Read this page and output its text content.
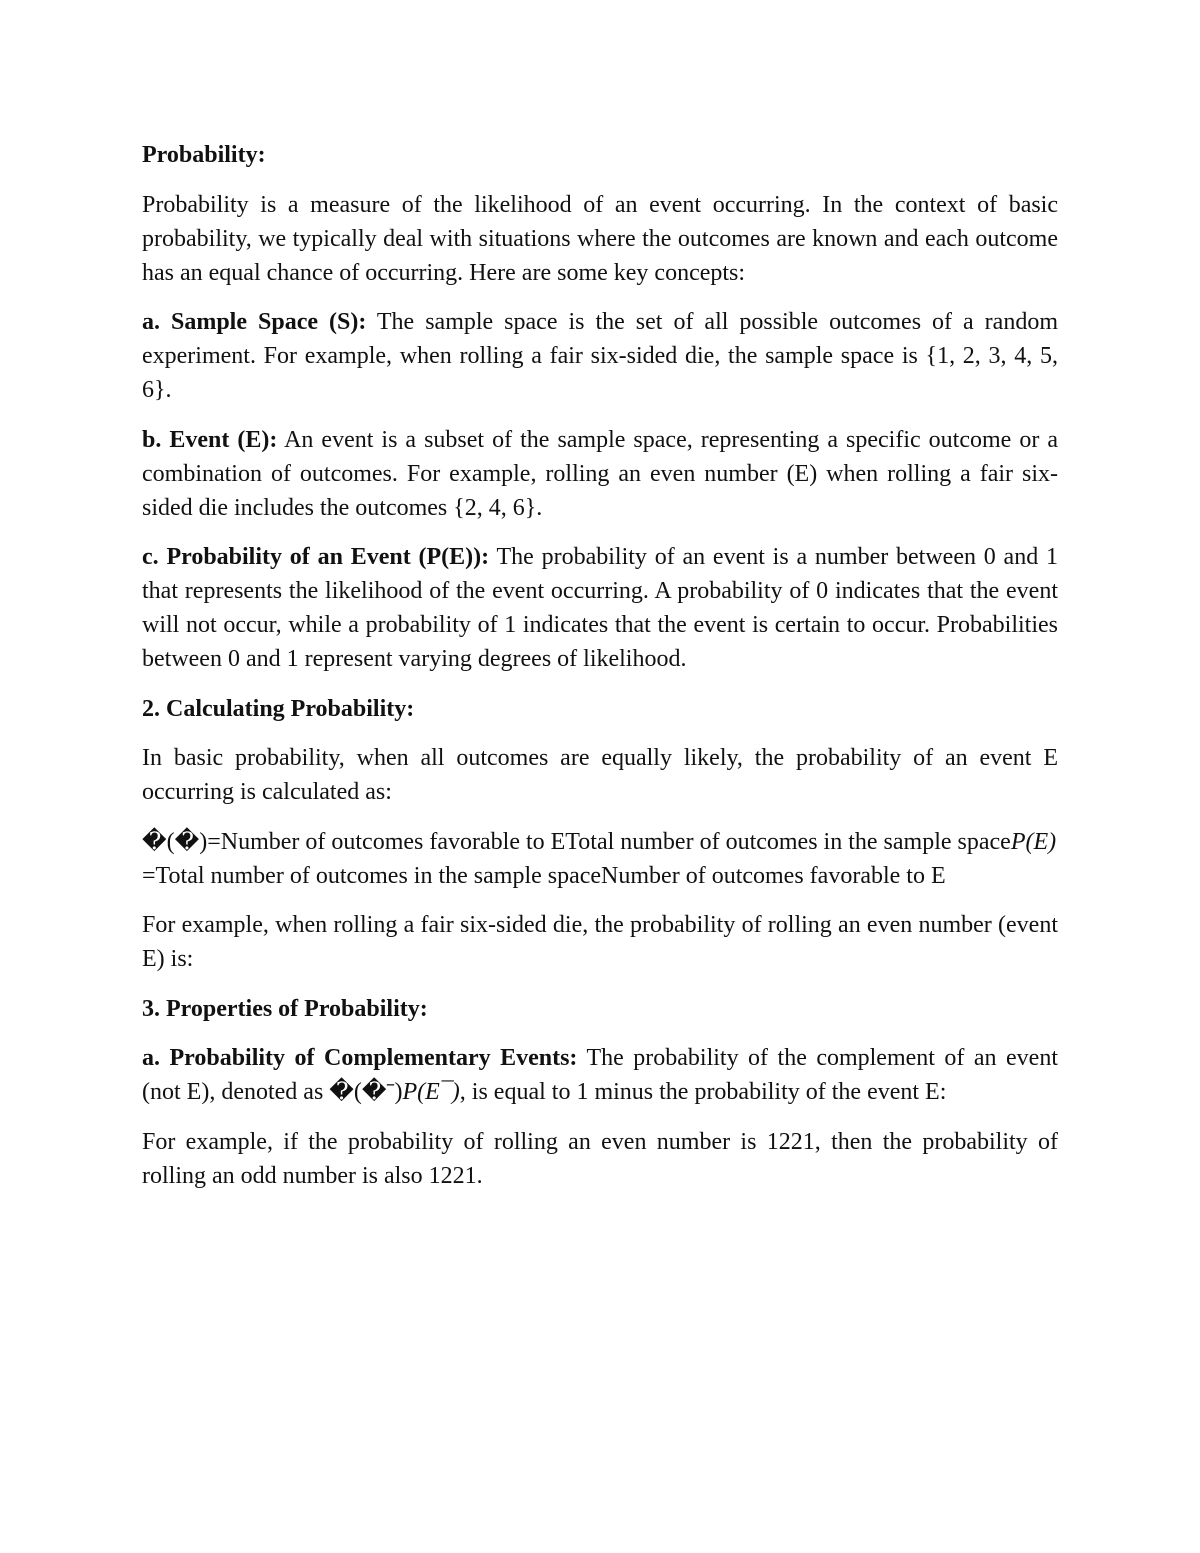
Probability:

Probability is a measure of the likelihood of an event occurring. In the context of basic probability, we typically deal with situations where the outcomes are known and each outcome has an equal chance of occurring. Here are some key concepts:

a. Sample Space (S): The sample space is the set of all possible outcomes of a random experiment. For example, when rolling a fair six-sided die, the sample space is {1, 2, 3, 4, 5, 6}.

b. Event (E): An event is a subset of the sample space, representing a specific outcome or a combination of outcomes. For example, rolling an even number (E) when rolling a fair six-sided die includes the outcomes {2, 4, 6}.

c. Probability of an Event (P(E)): The probability of an event is a number between 0 and 1 that represents the likelihood of the event occurring. A probability of 0 indicates that the event will not occur, while a probability of 1 indicates that the event is certain to occur. Probabilities between 0 and 1 represent varying degrees of likelihood.

2. Calculating Probability:

In basic probability, when all outcomes are equally likely, the probability of an event E occurring is calculated as:

�(�)=Number of outcomes favorable to ETotal number of outcomes in the sample spaceP(E)=Total number of outcomes in the sample spaceNumber of outcomes favorable to E

For example, when rolling a fair six-sided die, the probability of rolling an even number (event E) is:

3. Properties of Probability:

a. Probability of Complementary Events: The probability of the complement of an event (not E), denoted as �(�ˉ)P(E¯), is equal to 1 minus the probability of the event E:

For example, if the probability of rolling an even number is 1221, then the probability of rolling an odd number is also 1221.
